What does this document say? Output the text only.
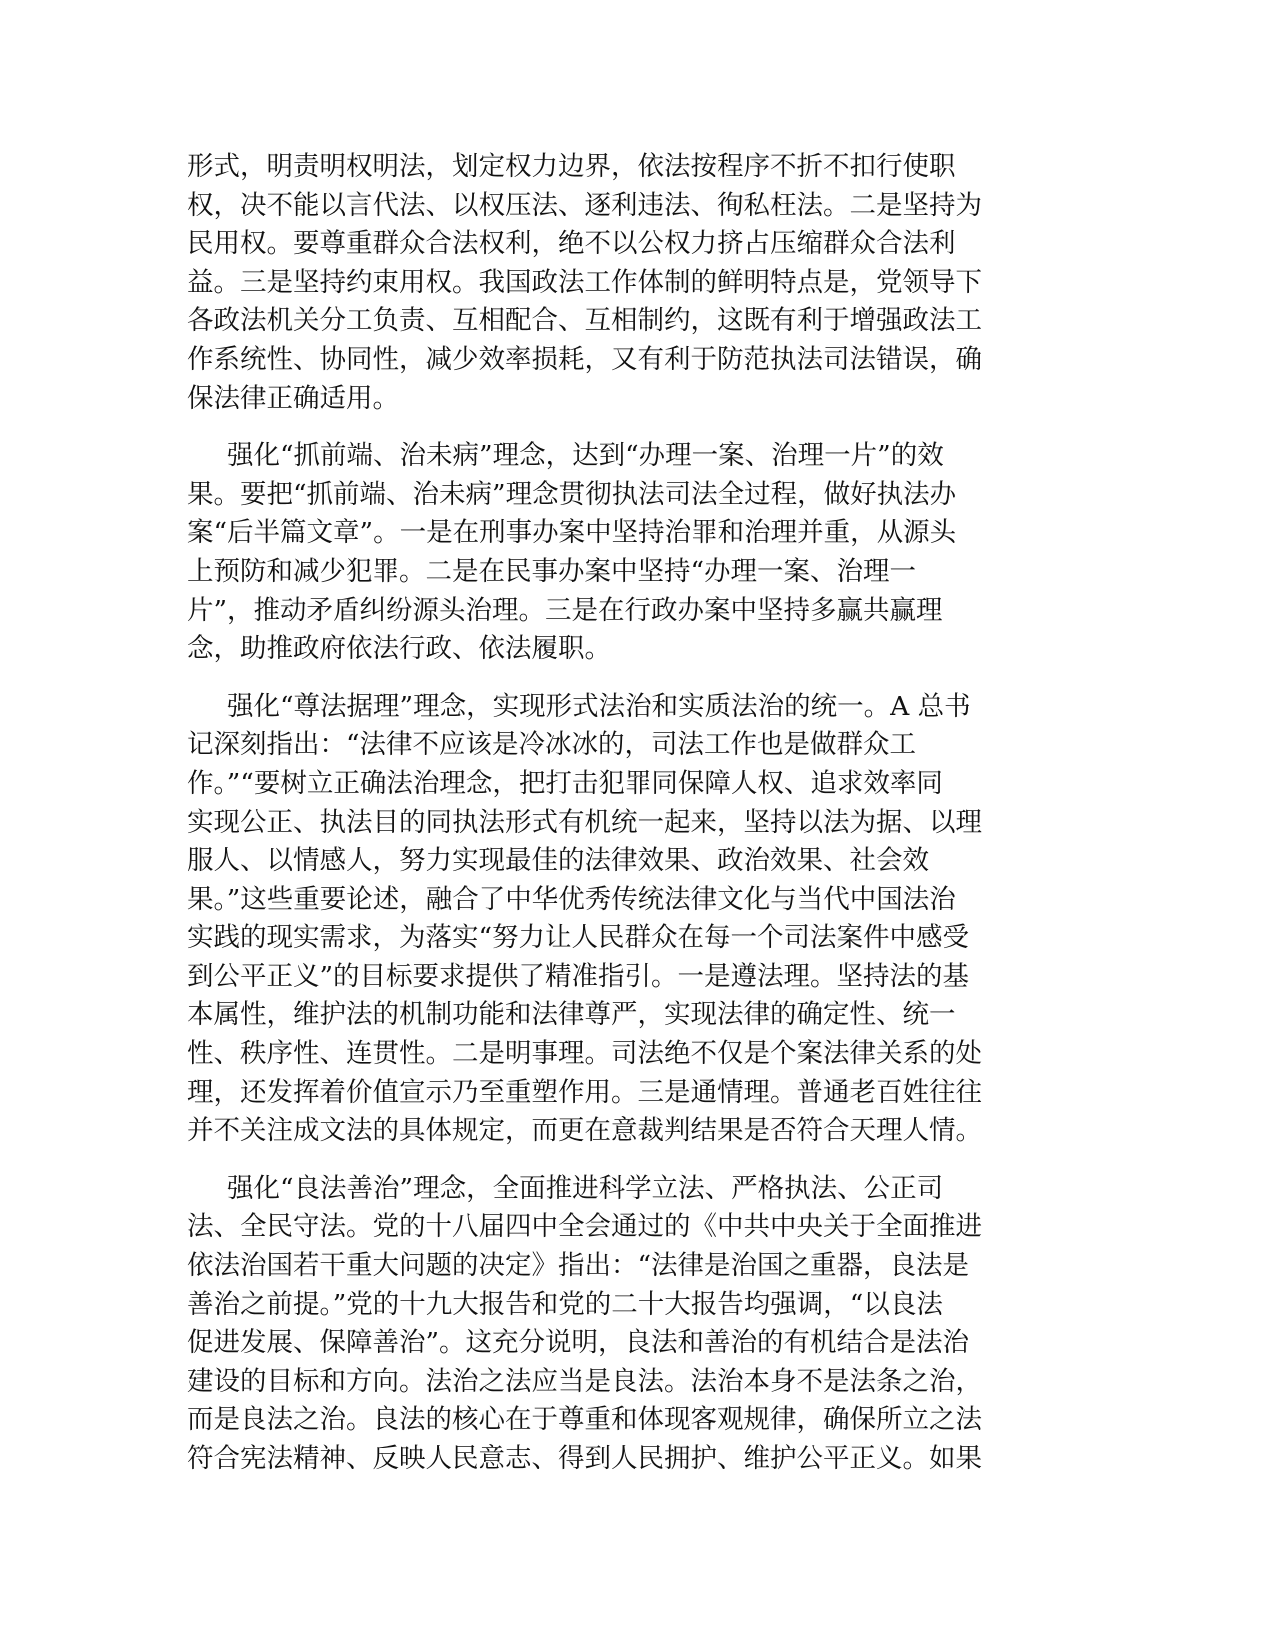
形式，明责明权明法，划定权力边界，依法按程序不折不扣行使职
权，决不能以言代法、以权压法、逐利违法、徇私枉法。二是坚持为
民用权。要尊重群众合法权利，绝不以公权力挤占压缩群众合法利
益。三是坚持约束用权。我国政法工作体制的鲜明特点是，党领导下
各政法机关分工负责、互相配合、互相制约，这既有利于增强政法工
作系统性、协同性，减少效率损耗，又有利于防范执法司法错误，确
保法律正确适用。
强化“抓前端、治未病”理念，达到“办理一案、治理一片”的效
果。要把“抓前端、治未病”理念贯彻执法司法全过程，做好执法办
案“后半篇文章”。一是在刑事办案中坚持治罪和治理并重，从源头
上预防和减少犯罪。二是在民事办案中坚持“办理一案、治理一
片”，推动矛盾纠纷源头治理。三是在行政办案中坚持多赢共赢理
念，助推政府依法行政、依法履职。
强化“尊法据理”理念，实现形式法治和实质法治的统一。A 总书
记深刻指出：“法律不应该是冷冰冰的，司法工作也是做群众工
作。”“要树立正确法治理念，把打击犯罪同保障人权、追求效率同
实现公正、执法目的同执法形式有机统一起来，坚持以法为据、以理
服人、以情感人，努力实现最佳的法律效果、政治效果、社会效
果。”这些重要论述，融合了中华优秀传统法律文化与当代中国法治
实践的现实需求，为落实“努力让人民群众在每一个司法案件中感受
到公平正义”的目标要求提供了精准指引。一是遵法理。坚持法的基
本属性，维护法的机制功能和法律尊严，实现法律的确定性、统一
性、秩序性、连贯性。二是明事理。司法绝不仅是个案法律关系的处
理，还发挥着价值宣示乃至重塑作用。三是通情理。普通老百姓往往
并不关注成文法的具体规定，而更在意裁判结果是否符合天理人情。
强化“良法善治”理念，全面推进科学立法、严格执法、公正司
法、全民守法。党的十八届四中全会通过的《中共中央关于全面推进
依法治国若干重大问题的决定》指出：“法律是治国之重器，良法是
善治之前提。”党的十九大报告和党的二十大报告均强调，“以良法
促进发展、保障善治”。这充分说明，良法和善治的有机结合是法治
建设的目标和方向。法治之法应当是良法。法治本身不是法条之治，
而是良法之治。良法的核心在于尊重和体现客观规律，确保所立之法
符合宪法精神、反映人民意志、得到人民拥护、维护公平正义。如果
